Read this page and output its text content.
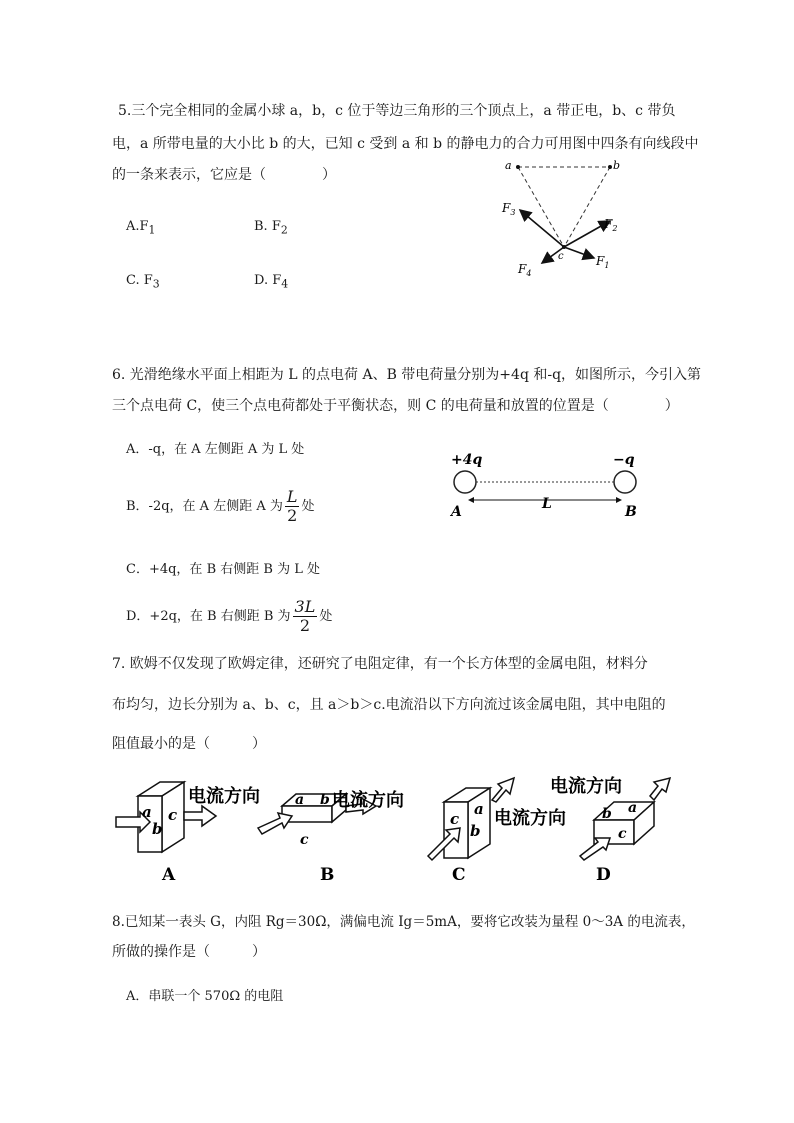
5.三个完全相同的金属小球 a，b，c 位于等边三角形的三个顶点上，a 带正电，b、c 带负
电，a 所带电量的大小比 b 的大，已知 c 受到 a 和 b 的静电力的合力可用图中四条有向线段中
的一条来表示，它应是（　　　　）
$A.F_1$	B. $F_2$
C. $F_3$	D. $F_4$
a	b
c
$F_3$
$F_2$
$F_1$
$F_4$
6. 光滑绝缘水平面上相距为 L 的点电荷 A、B 带电荷量分别为+4q 和-q，如图所示，今引入第
三个点电荷 C，使三个点电荷都处于平衡状态，则 C 的电荷量和放置的位置是（　　　　）
A．-q，在 A 左侧距 A 为 L 处
B．-2q，在 A 左侧距 A 为 $\frac{L}{2}$ 处
C．+4q，在 B 右侧距 B 为 L 处
D．+2q，在 B 右侧距 B 为 $\frac{3L}{2}$ 处
+4q	−q
A	B
L
7. 欧姆不仅发现了欧姆定律，还研究了电阻定律，有一个长方体型的金属电阻，材料分
布均匀，边长分别为 a、b、c，且 a＞b＞c.电流沿以下方向流过该金属电阻，其中电阻的
阻值最小的是（　　　）
a
b
c
电流方向
A
a b
c
电流方向
B
c
a
b
电流方向
C
b a
c
电流方向
D
8.已知某一表头 G，内阻 Rg＝30Ω，满偏电流 Ig＝5mA，要将它改装为量程 0～3A 的电流表，
所做的操作是（　　　）
A．串联一个 570Ω 的电阻
